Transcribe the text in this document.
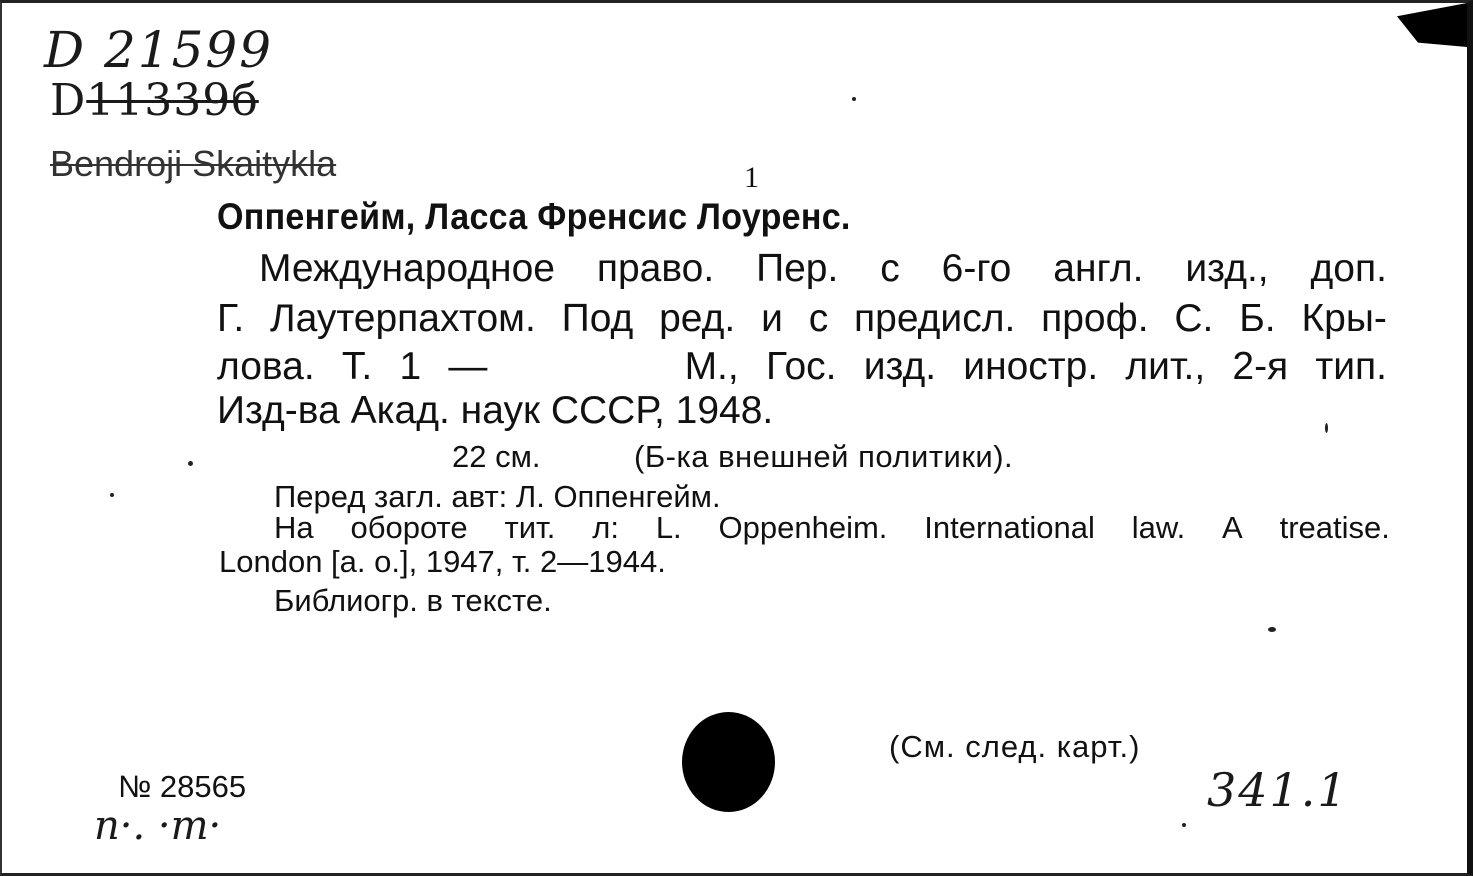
D 21599
D11339б
Bendroji Skaitykla	1
Оппенгейм, Ласса Френсис Лоуренс.
Международное право. Пер. с 6-го англ. изд., доп.
Г. Лаутерпахтом. Под ред. и с предисл. проф. С. Б. Кры-
лова. Т. 1 —	М., Гос. изд. иностр. лит., 2-я тип.
Изд-ва Акад. наук СССР, 1948.
22 см.	(Б-ка внешней политики).
Перед загл. авт: Л. Оппенгейм.
На обороте тит. л: L. Oppenheim. International law. A treatise.
London [a. o.], 1947, т. 2—1944.
Библиогр. в тексте.
(См. след. карт.)
№ 28565
n·. ·m·
341.1
